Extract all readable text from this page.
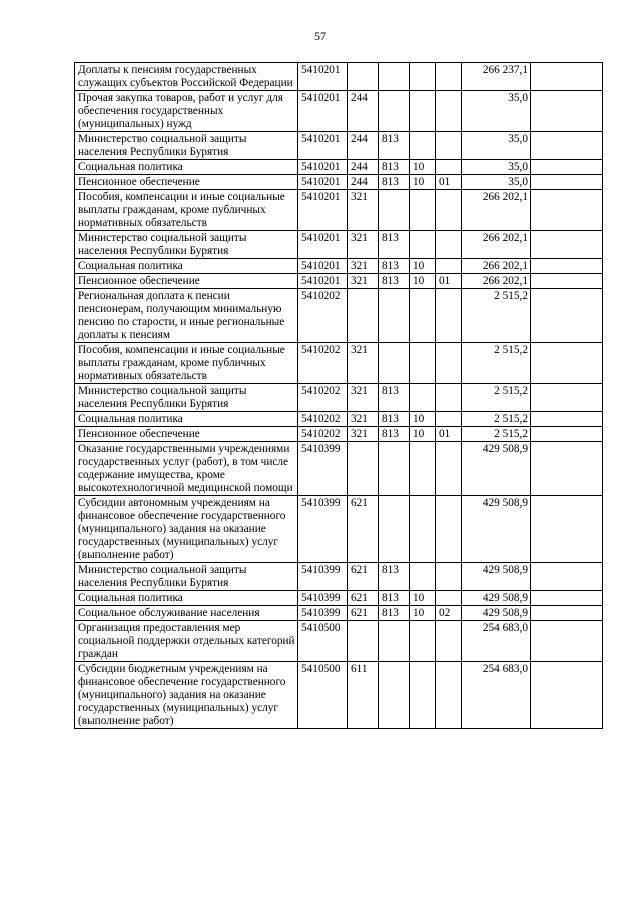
57
Доплаты к пенсиям государственных служащих субъектов Российской Федерации	5410201					266 237,1	
Прочая закупка товаров, работ и услуг для обеспечения государственных (муниципальных) нужд	5410201	244				35,0	
Министерство социальной защиты населения Республики Бурятия	5410201	244	813			35,0	
Социальная политика	5410201	244	813	10		35,0	
Пенсионное обеспечение	5410201	244	813	10	01	35,0	
Пособия, компенсации и иные социальные выплаты гражданам, кроме публичных нормативных обязательств	5410201	321				266 202,1	
Министерство социальной защиты населения Республики Бурятия	5410201	321	813			266 202,1	
Социальная политика	5410201	321	813	10		266 202,1	
Пенсионное обеспечение	5410201	321	813	10	01	266 202,1	
Региональная доплата к пенсии пенсионерам, получающим минимальную пенсию по старости, и иные региональные доплаты к пенсиям	5410202					2 515,2	
Пособия, компенсации и иные социальные выплаты гражданам, кроме публичных нормативных обязательств	5410202	321				2 515,2	
Министерство социальной защиты населения Республики Бурятия	5410202	321	813			2 515,2	
Социальная политика	5410202	321	813	10		2 515,2	
Пенсионное обеспечение	5410202	321	813	10	01	2 515,2	
Оказание государственными учреждениями государственных услуг (работ), в том числе содержание имущества, кроме высокотехнологичной медицинской помощи	5410399					429 508,9	
Субсидии автономным учреждениям на финансовое обеспечение государственного (муниципального) задания на оказание государственных (муниципальных) услуг (выполнение работ)	5410399	621				429 508,9	
Министерство социальной защиты населения Республики Бурятия	5410399	621	813			429 508,9	
Социальная политика	5410399	621	813	10		429 508,9	
Социальное обслуживание населения	5410399	621	813	10	02	429 508,9	
Организация предоставления мер социальной поддержки отдельных категорий граждан	5410500					254 683,0	
Субсидии бюджетным учреждениям на финансовое обеспечение государственного (муниципального) задания на оказание государственных (муниципальных) услуг (выполнение работ)	5410500	611				254 683,0	
